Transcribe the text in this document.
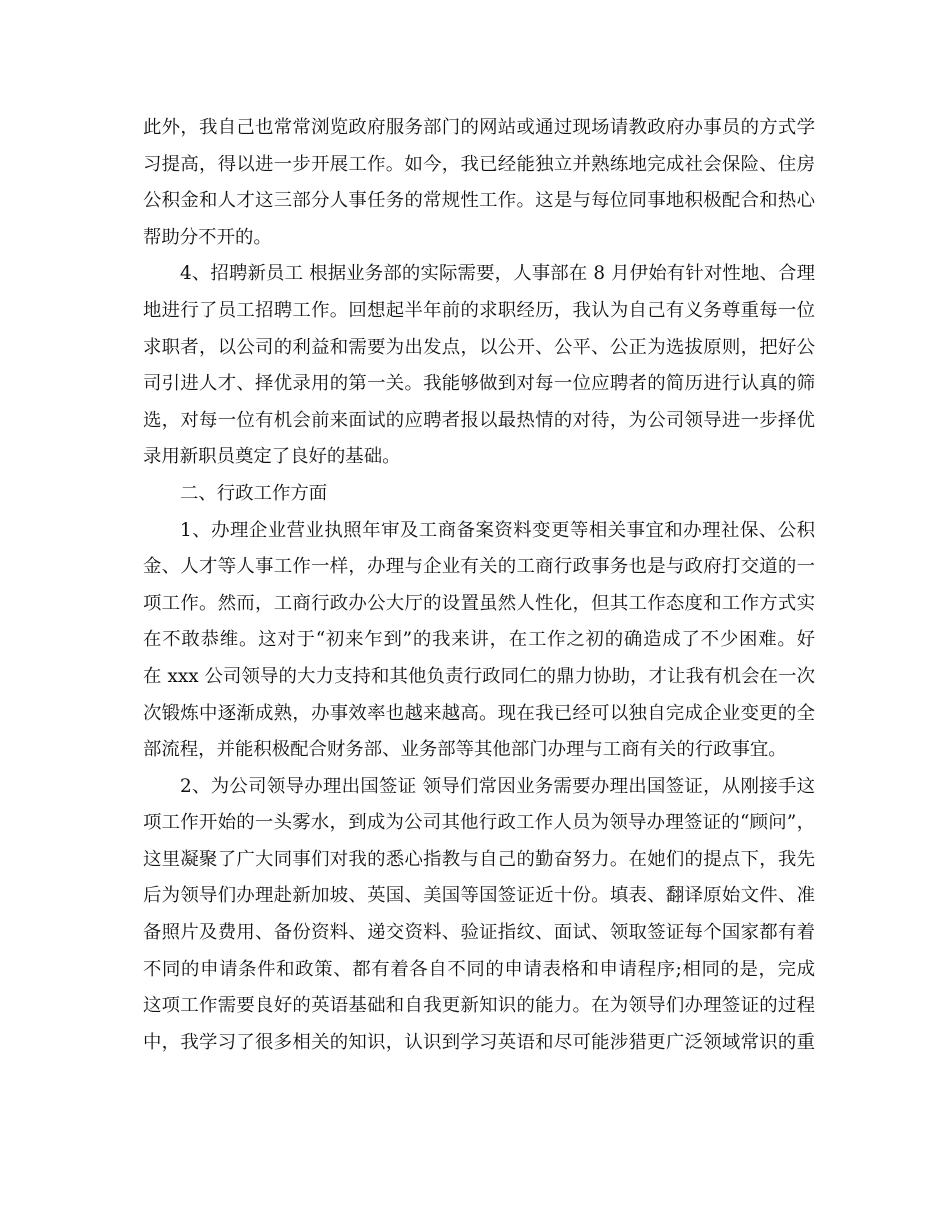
此外，我自己也常常浏览政府服务部门的网站或通过现场请教政府办事员的方式学
习提高，得以进一步开展工作。如今，我已经能独立并熟练地完成社会保险、住房
公积金和人才这三部分人事任务的常规性工作。这是与每位同事地积极配合和热心
帮助分不开的。
4、招聘新员工 根据业务部的实际需要，人事部在 8 月伊始有针对性地、合理
地进行了员工招聘工作。回想起半年前的求职经历，我认为自己有义务尊重每一位
求职者，以公司的利益和需要为出发点，以公开、公平、公正为选拔原则，把好公
司引进人才、择优录用的第一关。我能够做到对每一位应聘者的简历进行认真的筛
选，对每一位有机会前来面试的应聘者报以最热情的对待，为公司领导进一步择优
录用新职员奠定了良好的基础。
二、行政工作方面
1、办理企业营业执照年审及工商备案资料变更等相关事宜和办理社保、公积
金、人才等人事工作一样，办理与企业有关的工商行政事务也是与政府打交道的一
项工作。然而，工商行政办公大厅的设置虽然人性化，但其工作态度和工作方式实
在不敢恭维。这对于“初来乍到”的我来讲，在工作之初的确造成了不少困难。好
在 xxx 公司领导的大力支持和其他负责行政同仁的鼎力协助，才让我有机会在一次
次锻炼中逐渐成熟，办事效率也越来越高。现在我已经可以独自完成企业变更的全
部流程，并能积极配合财务部、业务部等其他部门办理与工商有关的行政事宜。
2、为公司领导办理出国签证 领导们常因业务需要办理出国签证，从刚接手这
项工作开始的一头雾水，到成为公司其他行政工作人员为领导办理签证的“顾问”，
这里凝聚了广大同事们对我的悉心指教与自己的勤奋努力。在她们的提点下，我先
后为领导们办理赴新加坡、英国、美国等国签证近十份。填表、翻译原始文件、准
备照片及费用、备份资料、递交资料、验证指纹、面试、领取签证每个国家都有着
不同的申请条件和政策、都有着各自不同的申请表格和申请程序;相同的是，完成
这项工作需要良好的英语基础和自我更新知识的能力。在为领导们办理签证的过程
中，我学习了很多相关的知识，认识到学习英语和尽可能涉猎更广泛领域常识的重
